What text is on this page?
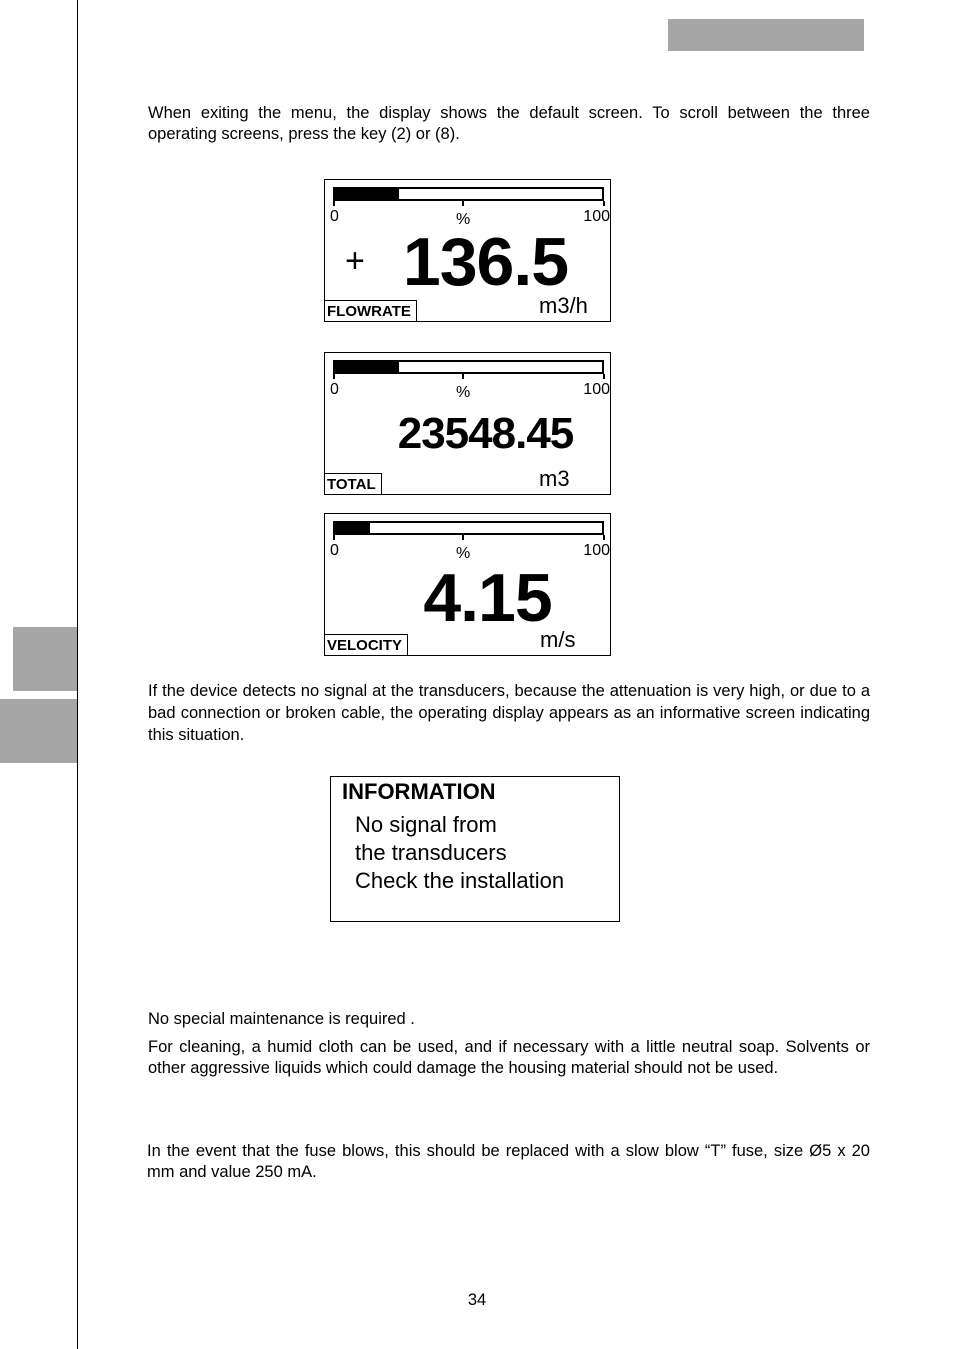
When exiting the menu, the display shows the default screen. To scroll between the three operating screens, press the key (2) or (8).

0	%	100
+ 136.5
FLOWRATE	m3/h
0	%	100
23548.45
TOTAL	m3
0	%	100
4.15
VELOCITY	m/s

If the device detects no signal at the transducers, because the attenuation is very high, or due to a bad connection or broken cable, the operating display appears as an informative screen indicating this situation.

INFORMATION
No signal from
the transducers
Check the installation

No special maintenance is required .

For cleaning, a humid cloth can be used, and if necessary with a little neutral soap. Solvents or other aggressive liquids which could damage the housing material should not be used.

In the event that the fuse blows, this should be replaced with a slow blow “T” fuse, size Ø5 x 20 mm and value 250 mA.

34
